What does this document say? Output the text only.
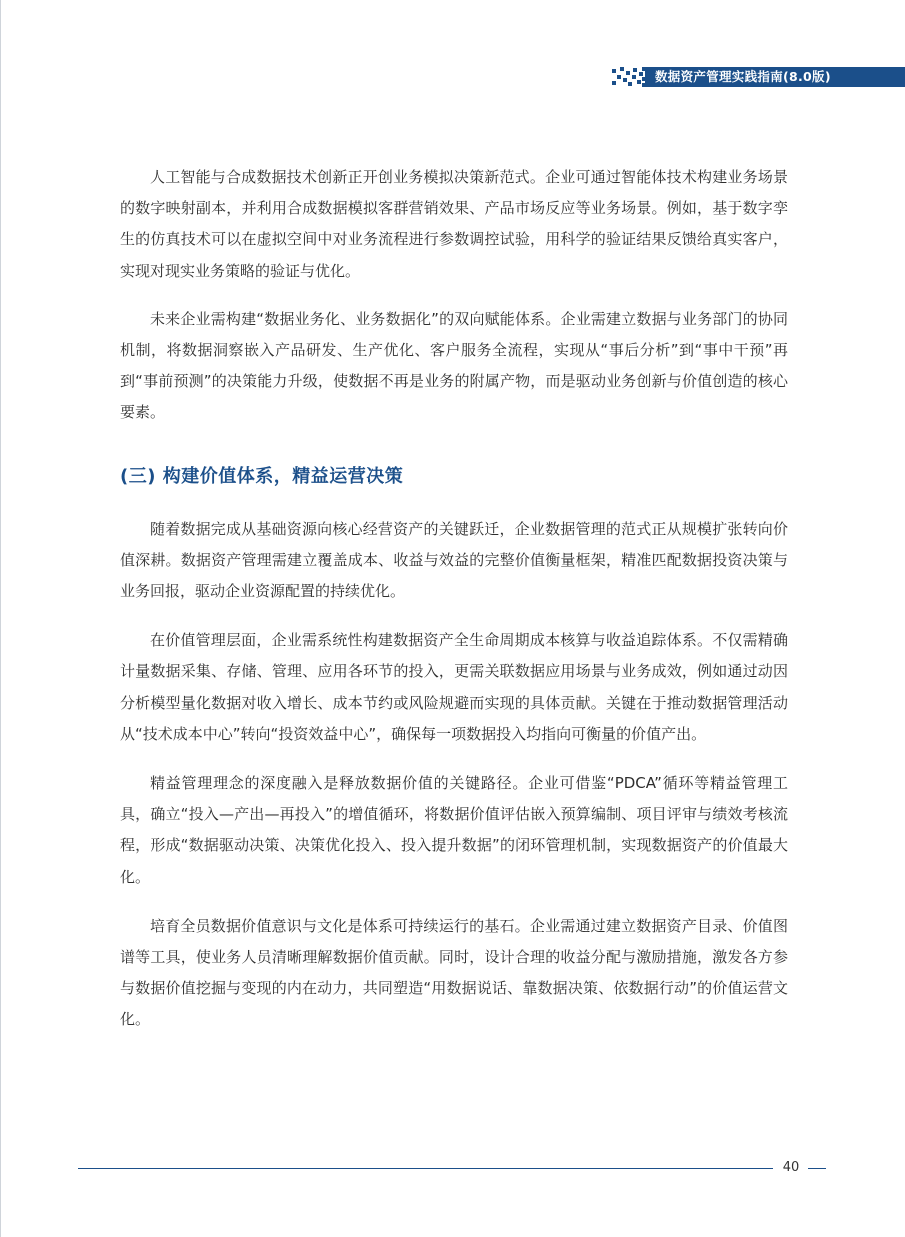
数据资产管理实践指南(8.0版)

人工智能与合成数据技术创新正开创业务模拟决策新范式。企业可通过智能体技术构建业务场景的数字映射副本，并利用合成数据模拟客群营销效果、产品市场反应等业务场景。例如，基于数字孪生的仿真技术可以在虚拟空间中对业务流程进行参数调控试验，用科学的验证结果反馈给真实客户，实现对现实业务策略的验证与优化。

未来企业需构建“数据业务化、业务数据化”的双向赋能体系。企业需建立数据与业务部门的协同机制，将数据洞察嵌入产品研发、生产优化、客户服务全流程，实现从“事后分析”到“事中干预”再到“事前预测”的决策能力升级，使数据不再是业务的附属产物，而是驱动业务创新与价值创造的核心要素。

(三) 构建价值体系，精益运营决策

随着数据完成从基础资源向核心经营资产的关键跃迁，企业数据管理的范式正从规模扩张转向价值深耕。数据资产管理需建立覆盖成本、收益与效益的完整价值衡量框架，精准匹配数据投资决策与业务回报，驱动企业资源配置的持续优化。

在价值管理层面，企业需系统性构建数据资产全生命周期成本核算与收益追踪体系。不仅需精确计量数据采集、存储、管理、应用各环节的投入，更需关联数据应用场景与业务成效，例如通过动因分析模型量化数据对收入增长、成本节约或风险规避而实现的具体贡献。关键在于推动数据管理活动从“技术成本中心”转向“投资效益中心”，确保每一项数据投入均指向可衡量的价值产出。

精益管理理念的深度融入是释放数据价值的关键路径。企业可借鉴“PDCA”循环等精益管理工具，确立“投入—产出—再投入”的增值循环，将数据价值评估嵌入预算编制、项目评审与绩效考核流程，形成“数据驱动决策、决策优化投入、投入提升数据”的闭环管理机制，实现数据资产的价值最大化。

培育全员数据价值意识与文化是体系可持续运行的基石。企业需通过建立数据资产目录、价值图谱等工具，使业务人员清晰理解数据价值贡献。同时，设计合理的收益分配与激励措施，激发各方参与数据价值挖掘与变现的内在动力，共同塑造“用数据说话、靠数据决策、依数据行动”的价值运营文化。

40
